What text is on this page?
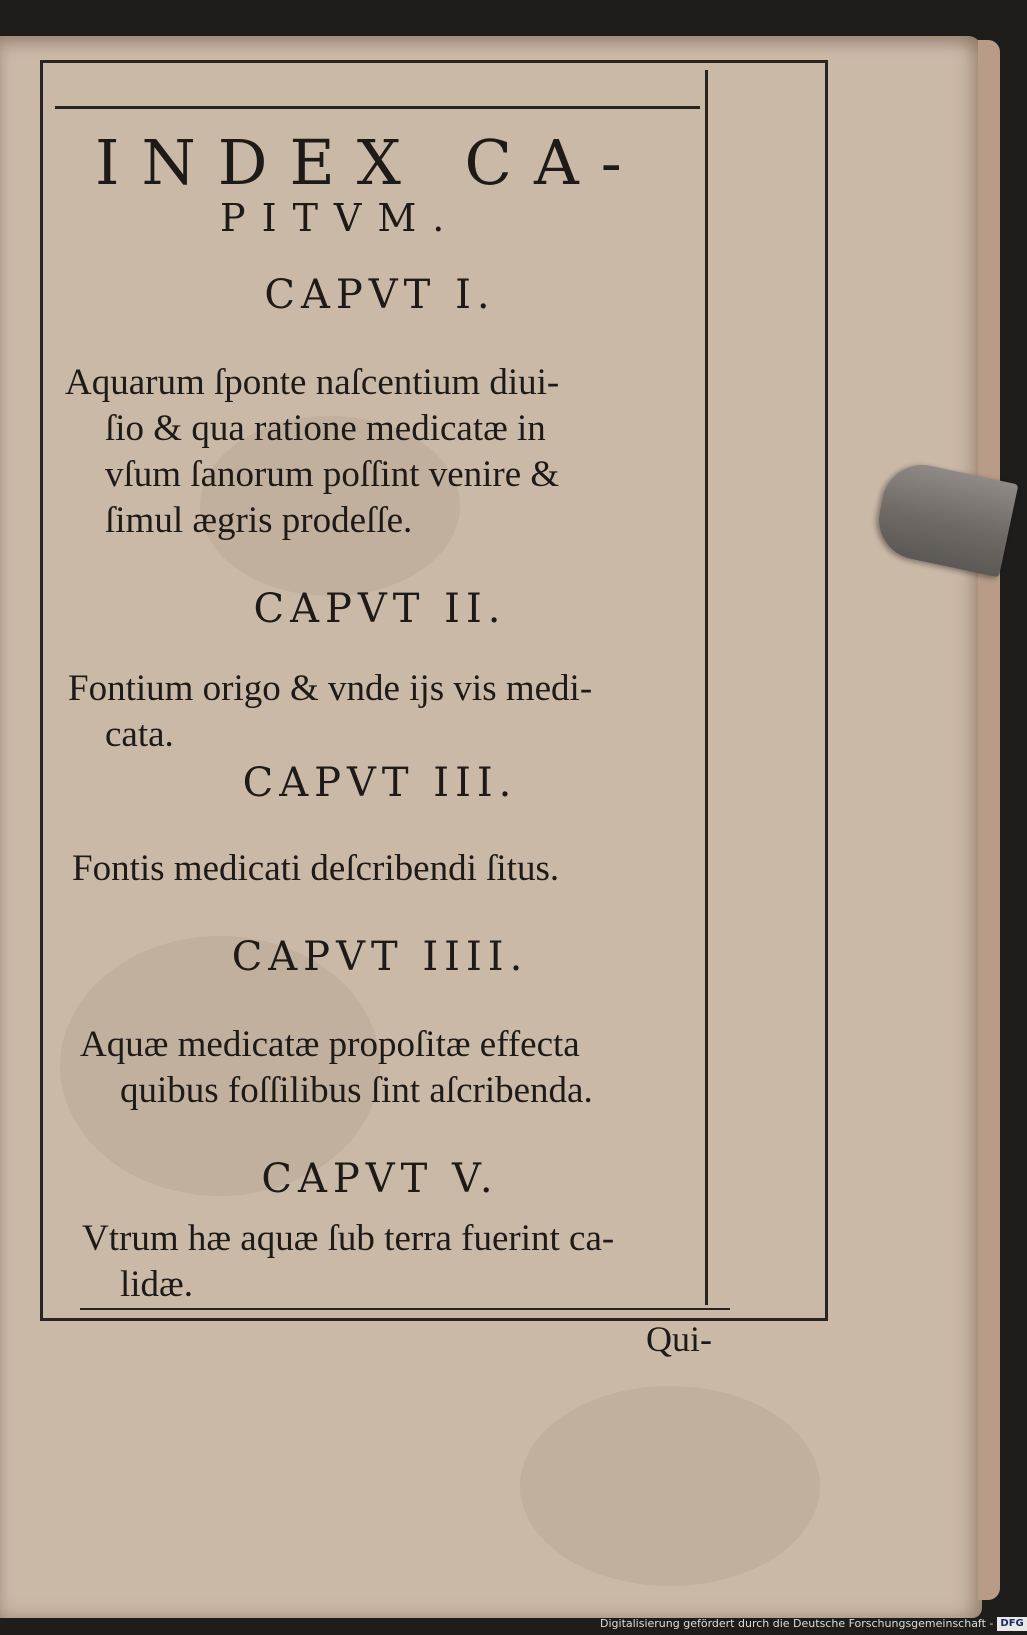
INDEX CA-
PITVM.
CAPVT I.
Aquarum ſponte naſcentium diui-
ſio & qua ratione medicatæ in
vſum ſanorum poſſint venire &
ſimul ægris prodeſſe.
CAPVT II.
Fontium origo & vnde ijs vis medi-
cata.
CAPVT III.
Fontis medicati deſcribendi ſitus.
CAPVT IIII.
Aquæ medicatæ propoſitæ effecta
quibus foſſilibus ſint aſcribenda.
CAPVT V.
Vtrum hæ aquæ ſub terra fuerint ca-
lidæ.
Qui-
Digitalisierung gefördert durch die Deutsche Forschungsgemeinschaft - DFG
